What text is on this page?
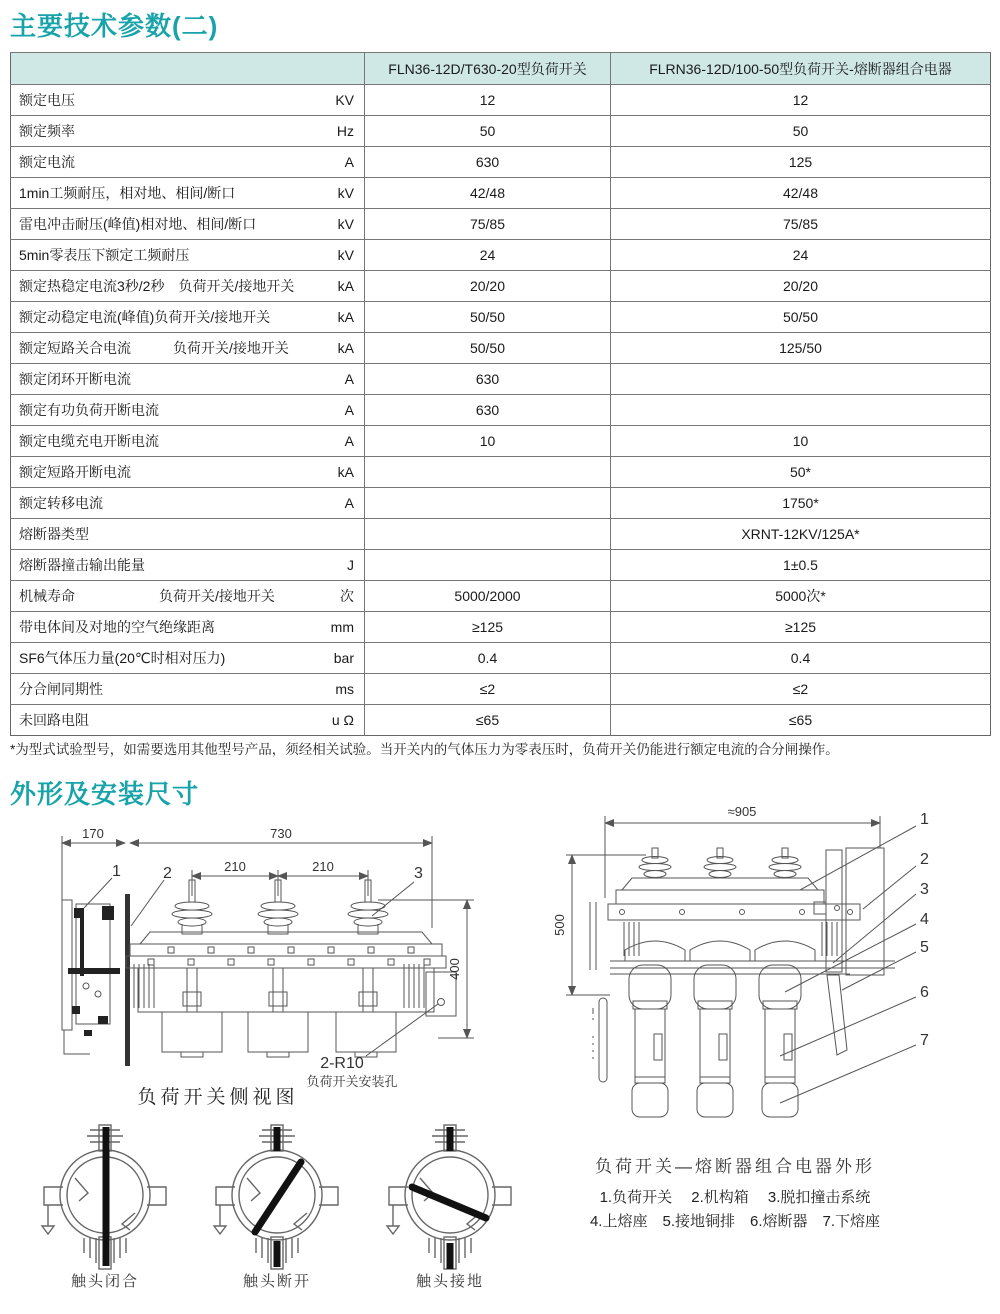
主要技术参数(二)
		FLN36-12D/T630-20型负荷开关	FLRN36-12D/100-50型负荷开关-熔断器组合电器
额定电压	KV	12	12
额定频率	Hz	50	50
额定电流	A	630	125
1min工频耐压，相对地、相间/断口	kV	42/48	42/48
雷电冲击耐压(峰值)相对地、相间/断口	kV	75/85	75/85
5min零表压下额定工频耐压	kV	24	24
额定热稳定电流3秒/2秒　负荷开关/接地开关	kA	20/20	20/20
额定动稳定电流(峰值)负荷开关/接地开关	kA	50/50	50/50
额定短路关合电流　　　负荷开关/接地开关	kA	50/50	125/50
额定闭环开断电流	A	630	
额定有功负荷开断电流	A	630	
额定电缆充电开断电流	A	10	10
额定短路开断电流	kA		50*
额定转移电流	A		1750*
熔断器类型			XRNT-12KV/125A*
熔断器撞击输出能量	J		1±0.5
机械寿命　　　　　　负荷开关/接地开关	次	5000/2000	5000次*
带电体间及对地的空气绝缘距离	mm	≥125	≥125
SF6气体压力量(20℃时相对压力)	bar	0.4	0.4
分合闸同期性	ms	≤2	≤2
未回路电阻	u Ω	≤65	≤65
*为型式试验型号，如需要选用其他型号产品，须经相关试验。当开关内的气体压力为零表压时，负荷开关仍能进行额定电流的合分闸操作。
外形及安装尺寸
170	730
210	210
400
1	2	3
2-R10
负荷开关安装孔
负荷开关侧视图
≈905
500
1
2
3
4
5
6
7
负荷开关—熔断器组合电器外形
1.负荷开关　 2.机构箱　 3.脱扣撞击系统
4.上熔座　5.接地铜排　6.熔断器　7.下熔座
触头闭合	触头断开	触头接地
